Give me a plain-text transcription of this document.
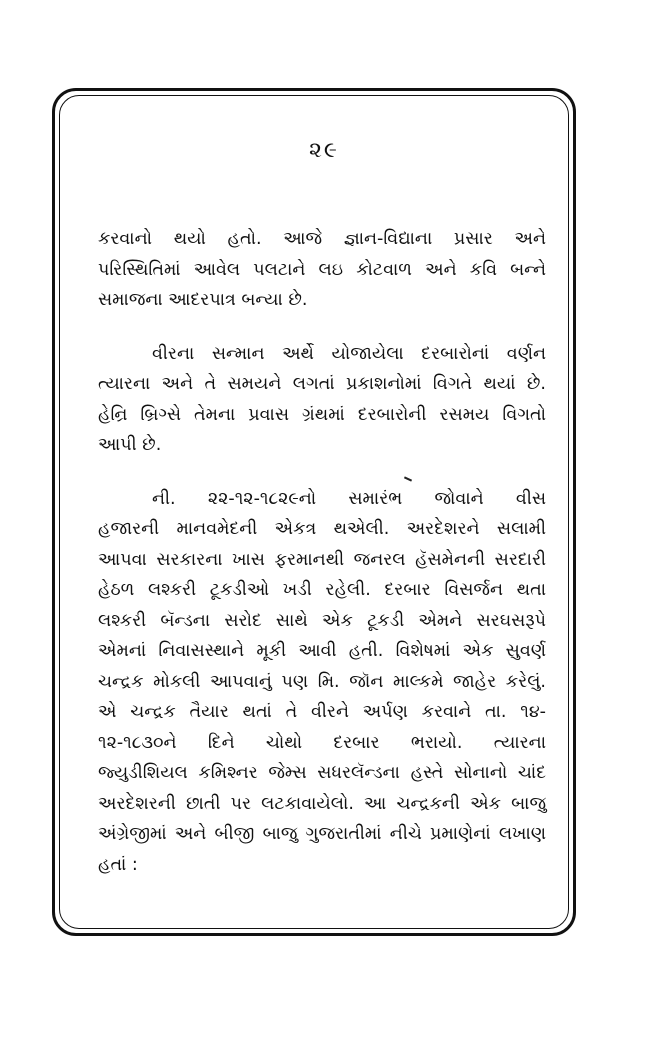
૨૯

કરવાનો થયો હતો. આજે જ્ઞાન-વિદ્યાના પ્રસાર અને
પરિસ્થિતિમાં આવેલ પલટાને લઇ કોટવાળ અને કવિ બન્ને
સમાજના આદરપાત્ર બન્યા છે.

વીરના સન્માન અર્થે યોજાયેલા દરબારોનાં વર્ણન
ત્યારના અને તે સમયને લગતાં પ્રકાશનોમાં વિગતે થયાં છે.
હેન્રિ બ્રિગ્સે તેમના પ્રવાસ ગ્રંથમાં દરબારોની રસમય વિગતો
આપી છે.

ની. ૨૨-૧૨-૧૮૨૯નો સમારંભ જોવાને વીસ
હજારની માનવમેદની એકત્ર થએલી. અરદેશરને સલામી
આપવા સરકારના ખાસ ફરમાનથી જનરલ હૅસમેનની સરદારી
હેઠળ લશ્કરી ટૂકડીઓ ખડી રહેલી. દરબાર વિસર્જન થતા
લશ્કરી બૅન્ડના સરોદ સાથે એક ટૂકડી એમને સરઘસરૂપે
એમનાં નિવાસસ્થાને મૂકી આવી હતી. વિશેષમાં એક સુવર્ણ
ચન્દ્રક મોકલી આપવાનું પણ મિ. જૉન માલ્કમે જાહેર કરેલું.
એ ચન્દ્રક તૈયાર થતાં તે વીરને અર્પણ કરવાને તા. ૧૪-
૧૨-૧૮૩૦ને દિને ચોથો દરબાર ભરાયો. ત્યારના
જ્યુડીશિયલ કમિશ્નર જેમ્સ સધરલૅન્ડના હસ્તે સોનાનો ચાંદ
અરદેશરની છાતી પર લટકાવાયેલો. આ ચન્દ્રકની એક બાજુ
અંગ્રેજીમાં અને બીજી બાજુ ગુજરાતીમાં નીચે પ્રમાણેનાં લખાણ
હતાં :
